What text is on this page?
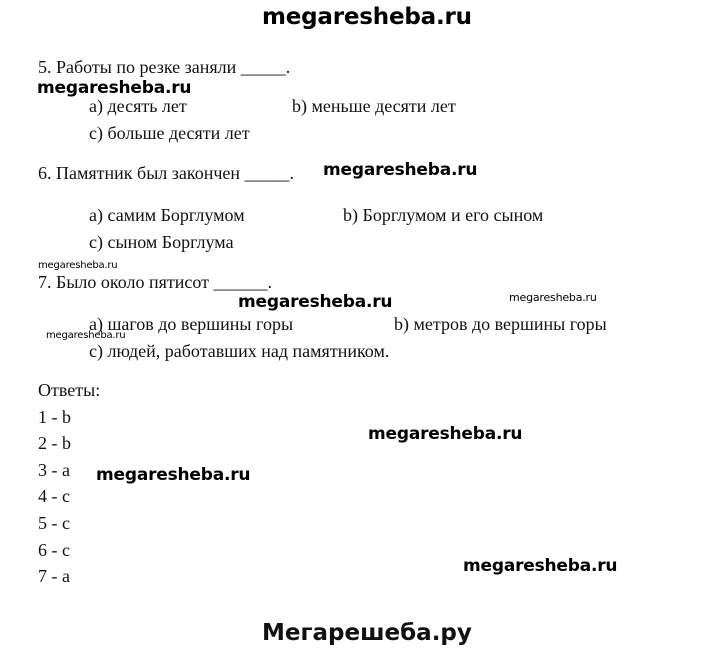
megaresheba.ru
5. Работы по резке заняли _____.
a) десять лет	b) меньше десяти лет
c) больше десяти лет
6. Памятник был закончен _____.
a) самим Борглумом	b) Борглумом и его сыном
c) сыном Борглума
7. Было около пятисот ______.
a) шагов до вершины горы	b) метров до вершины горы
c) людей, работавших над памятником.
Ответы:
1 - b
2 - b
3 - a
4 - c
5 - c
6 - c
7 - a
megaresheba.ru
megaresheba.ru
megaresheba.ru
megaresheba.ru	megaresheba.ru
megaresheba.ru
megaresheba.ru
megaresheba.ru
megaresheba.ru
Мегарешеба.ру
